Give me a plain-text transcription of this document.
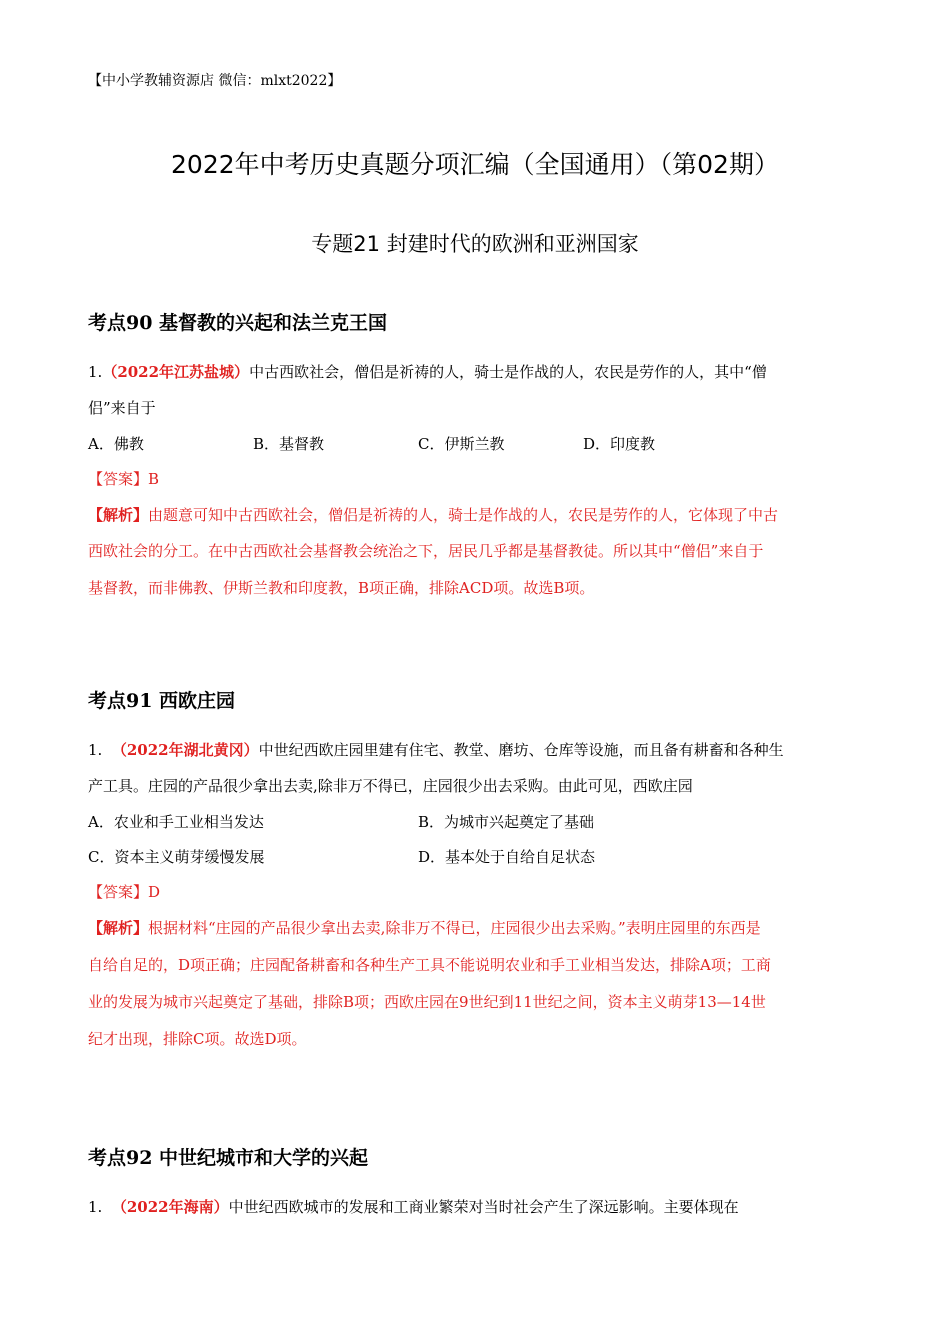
【中小学教辅资源店 微信：mlxt2022】
2022年中考历史真题分项汇编（全国通用）（第02期）
专题21 封建时代的欧洲和亚洲国家
考点90 基督教的兴起和法兰克王国
1.（2022年江苏盐城）中古西欧社会，僧侣是祈祷的人，骑士是作战的人，农民是劳作的人，其中“僧
侣”来自于
A．佛教	B．基督教	C．伊斯兰教	D．印度教
【答案】B
【解析】由题意可知中古西欧社会，僧侣是祈祷的人，骑士是作战的人，农民是劳作的人，它体现了中古
西欧社会的分工。在中古西欧社会基督教会统治之下，居民几乎都是基督教徒。所以其中“僧侣”来自于
基督教，而非佛教、伊斯兰教和印度教，B项正确，排除ACD项。故选B项。
考点91 西欧庄园
1. （2022年湖北黄冈）中世纪西欧庄园里建有住宅、教堂、磨坊、仓库等设施，而且备有耕畜和各种生
产工具。庄园的产品很少拿出去卖,除非万不得已，庄园很少出去采购。由此可见，西欧庄园
A．农业和手工业相当发达	B．为城市兴起奠定了基础
C．资本主义萌芽缓慢发展	D．基本处于自给自足状态
【答案】D
【解析】根据材料“庄园的产品很少拿出去卖,除非万不得已，庄园很少出去采购。”表明庄园里的东西是
自给自足的，D项正确；庄园配备耕畜和各种生产工具不能说明农业和手工业相当发达，排除A项；工商
业的发展为城市兴起奠定了基础，排除B项；西欧庄园在9世纪到11世纪之间，资本主义萌芽13—14世
纪才出现，排除C项。故选D项。
考点92 中世纪城市和大学的兴起
1. （2022年海南）中世纪西欧城市的发展和工商业繁荣对当时社会产生了深远影响。主要体现在
